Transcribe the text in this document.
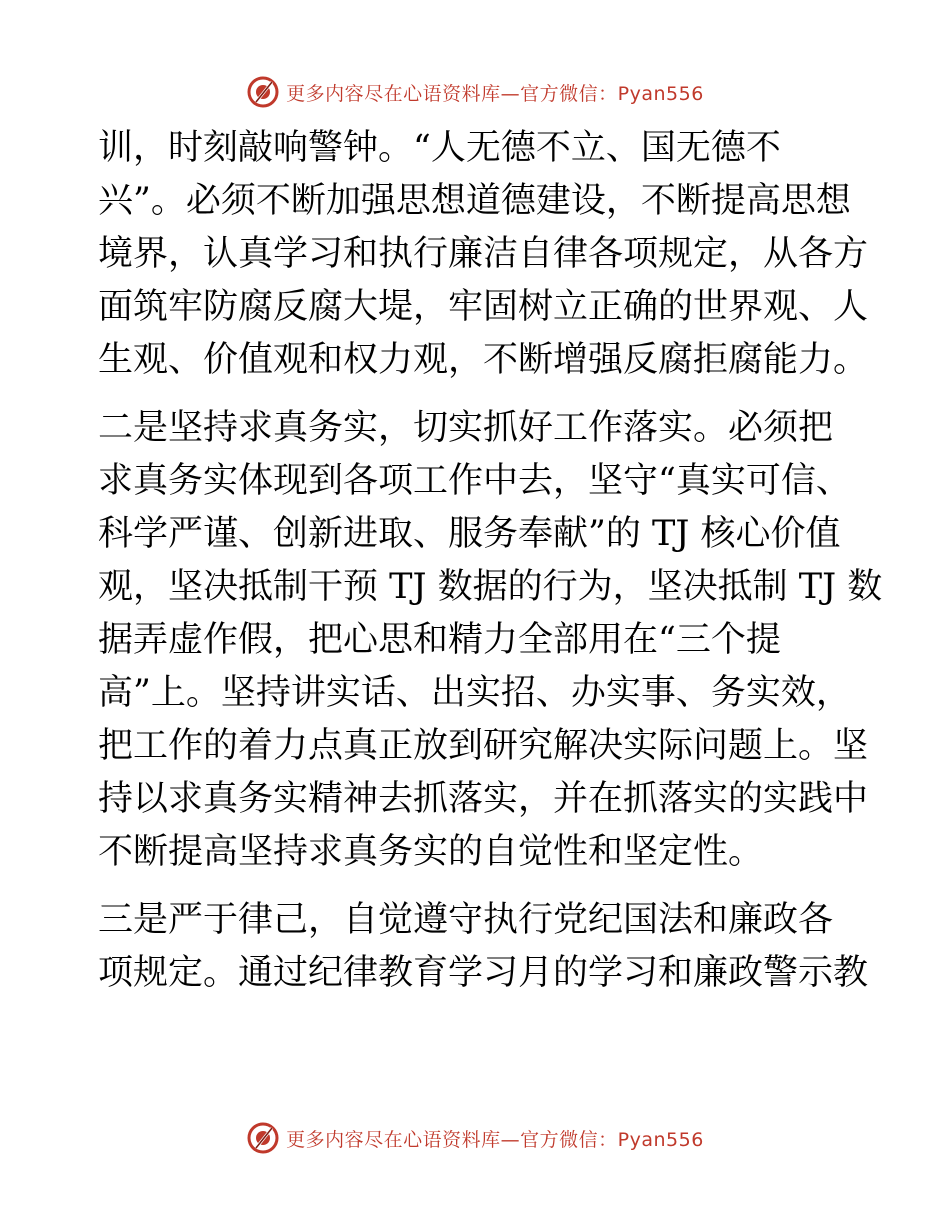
更多内容尽在心语资料库—官方微信：Pyan556
训，时刻敲响警钟。“人无德不立、国无德不
兴”。必须不断加强思想道德建设，不断提高思想
境界，认真学习和执行廉洁自律各项规定，从各方
面筑牢防腐反腐大堤，牢固树立正确的世界观、人
生观、价值观和权力观，不断增强反腐拒腐能力。
二是坚持求真务实，切实抓好工作落实。必须把
求真务实体现到各项工作中去，坚守“真实可信、
科学严谨、创新进取、服务奉献”的 TJ 核心价值
观，坚决抵制干预 TJ 数据的行为，坚决抵制 TJ 数
据弄虚作假，把心思和精力全部用在“三个提
高”上。坚持讲实话、出实招、办实事、务实效，
把工作的着力点真正放到研究解决实际问题上。坚
持以求真务实精神去抓落实，并在抓落实的实践中
不断提高坚持求真务实的自觉性和坚定性。
三是严于律己，自觉遵守执行党纪国法和廉政各
项规定。通过纪律教育学习月的学习和廉政警示教
更多内容尽在心语资料库—官方微信：Pyan556
